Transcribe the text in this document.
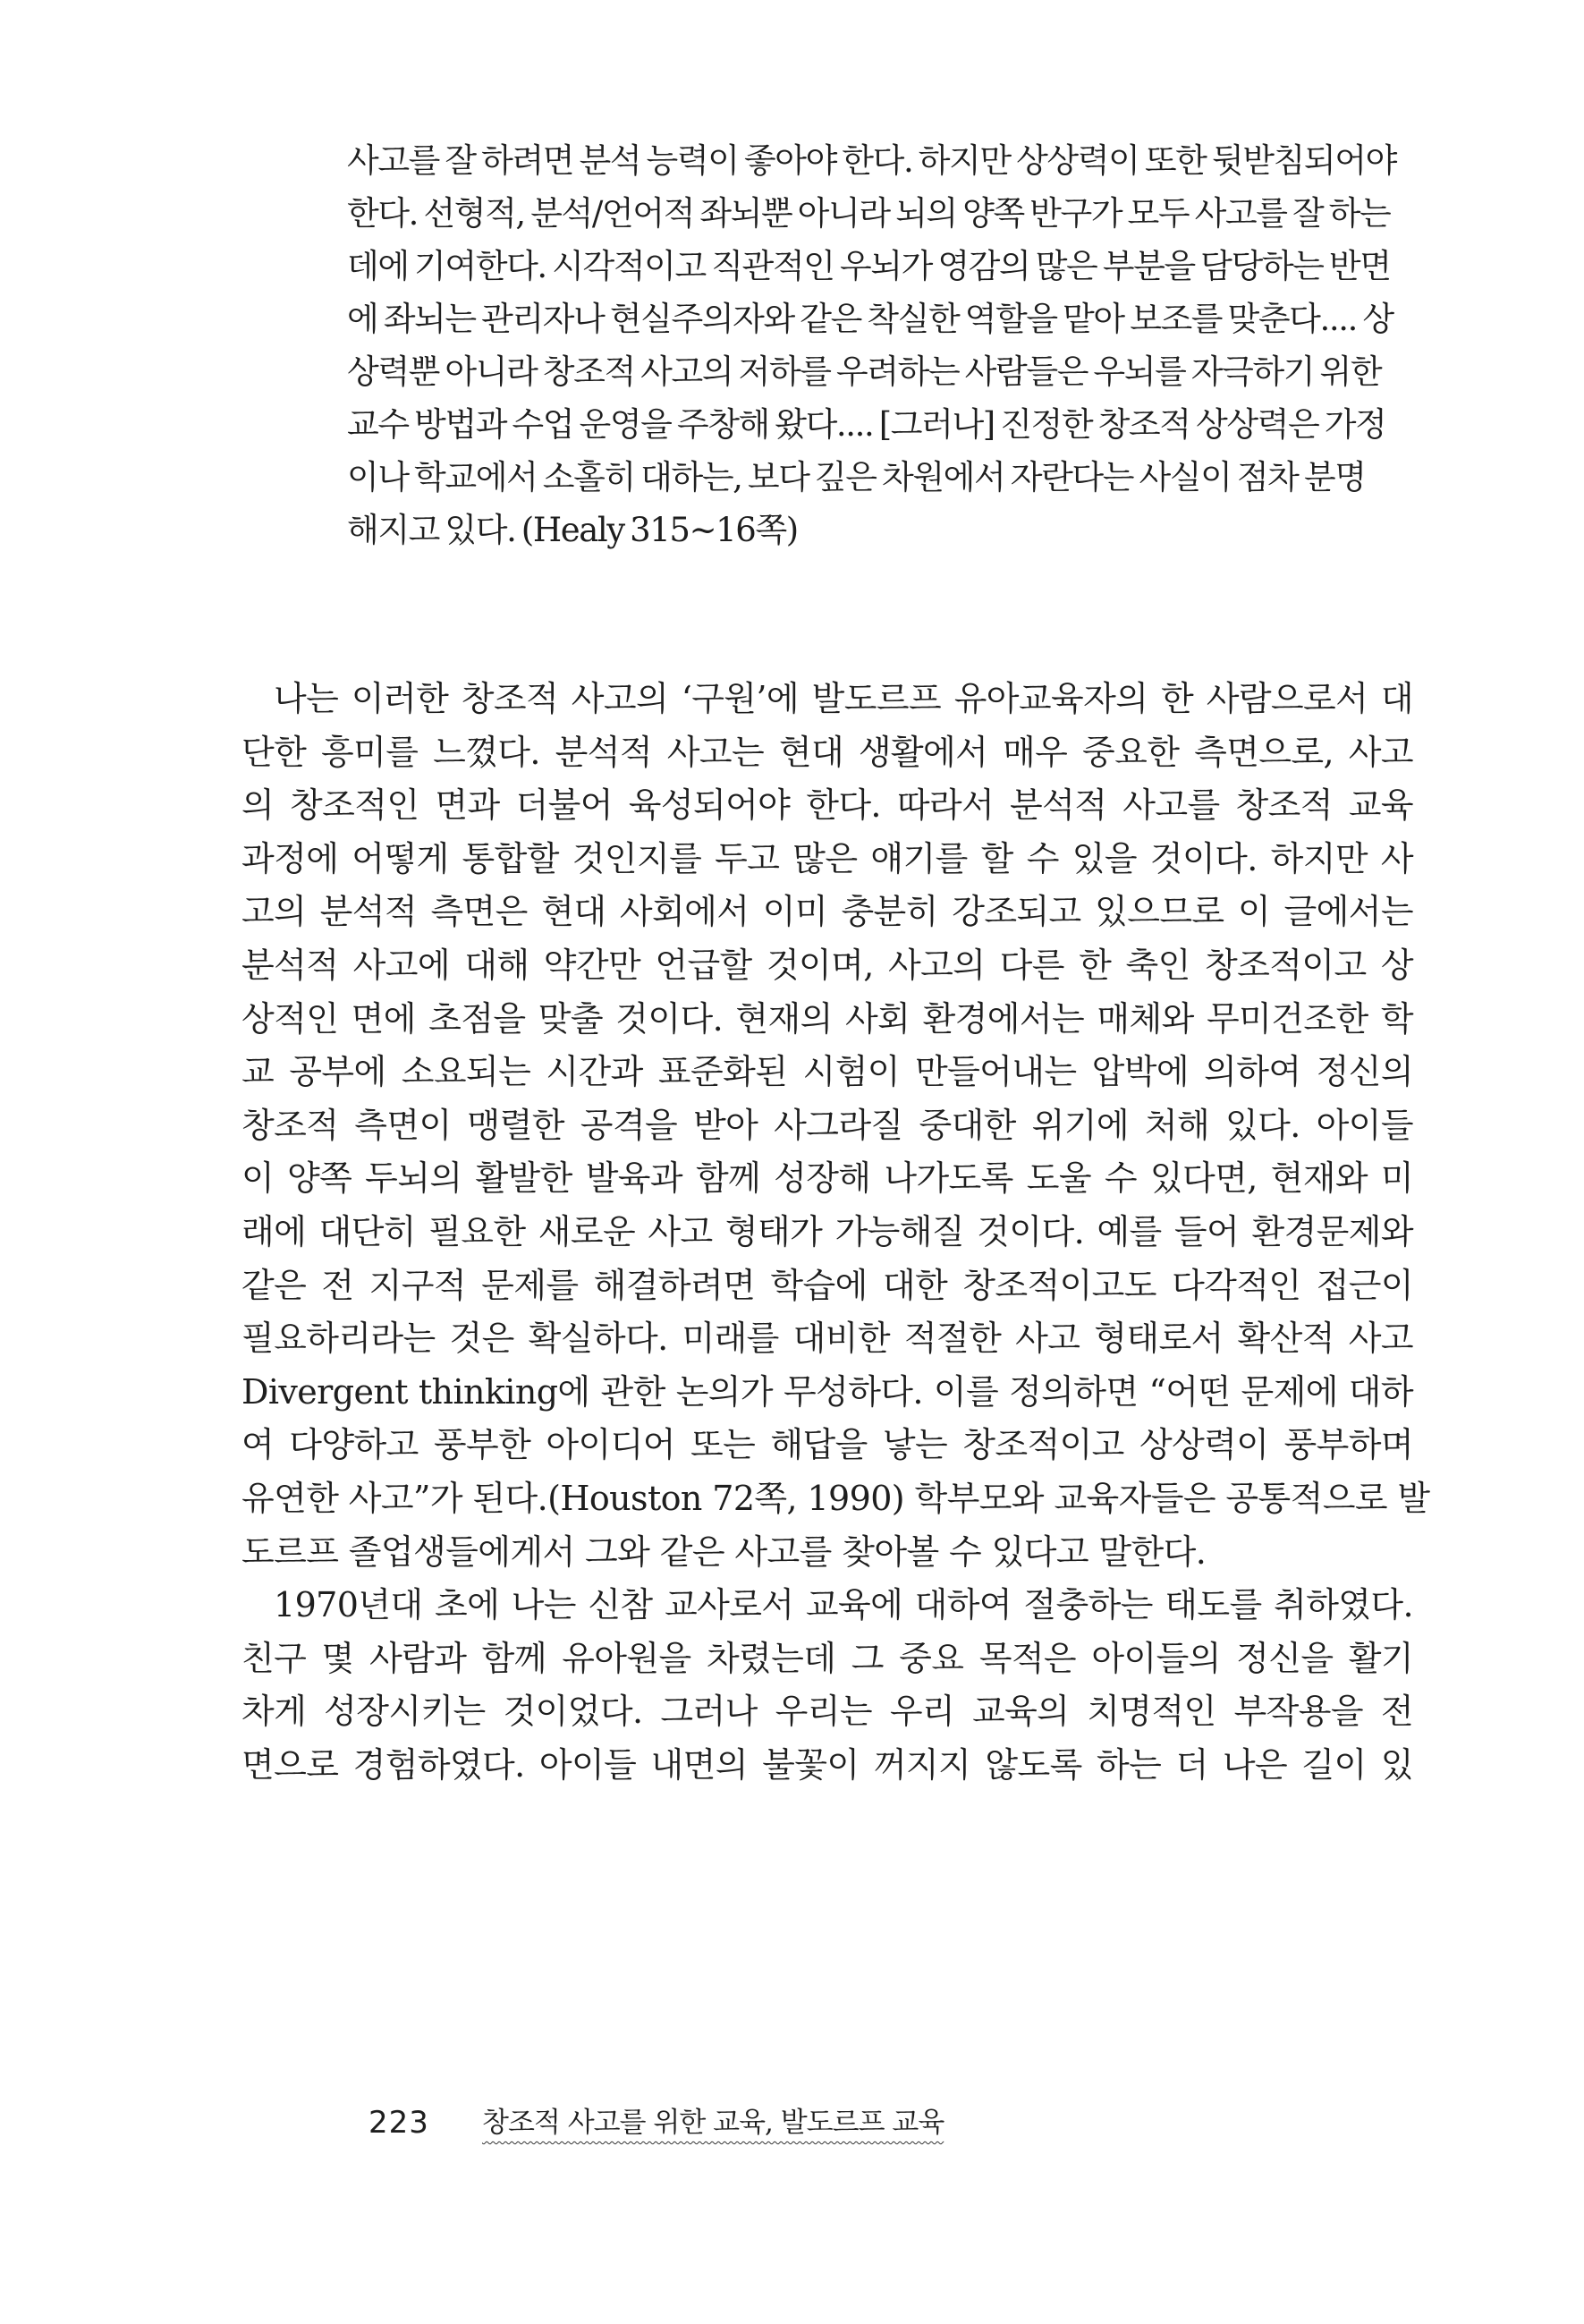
사고를 잘 하려면 분석 능력이 좋아야 한다. 하지만 상상력이 또한 뒷받침되어야
한다. 선형적, 분석/언어적 좌뇌뿐 아니라 뇌의 양쪽 반구가 모두 사고를 잘 하는
데에 기여한다. 시각적이고 직관적인 우뇌가 영감의 많은 부분을 담당하는 반면
에 좌뇌는 관리자나 현실주의자와 같은 착실한 역할을 맡아 보조를 맞춘다.... 상
상력뿐 아니라 창조적 사고의 저하를 우려하는 사람들은 우뇌를 자극하기 위한
교수 방법과 수업 운영을 주창해 왔다.... [그러나] 진정한 창조적 상상력은 가정
이나 학교에서 소홀히 대하는, 보다 깊은 차원에서 자란다는 사실이 점차 분명
해지고 있다. (Healy 315~16쪽)
나는 이러한 창조적 사고의 ‘구원’에 발도르프 유아교육자의 한 사람으로서 대
단한 흥미를 느꼈다. 분석적 사고는 현대 생활에서 매우 중요한 측면으로, 사고
의 창조적인 면과 더불어 육성되어야 한다. 따라서 분석적 사고를 창조적 교육
과정에 어떻게 통합할 것인지를 두고 많은 얘기를 할 수 있을 것이다. 하지만 사
고의 분석적 측면은 현대 사회에서 이미 충분히 강조되고 있으므로 이 글에서는
분석적 사고에 대해 약간만 언급할 것이며, 사고의 다른 한 축인 창조적이고 상
상적인 면에 초점을 맞출 것이다. 현재의 사회 환경에서는 매체와 무미건조한 학
교 공부에 소요되는 시간과 표준화된 시험이 만들어내는 압박에 의하여 정신의
창조적 측면이 맹렬한 공격을 받아 사그라질 중대한 위기에 처해 있다. 아이들
이 양쪽 두뇌의 활발한 발육과 함께 성장해 나가도록 도울 수 있다면, 현재와 미
래에 대단히 필요한 새로운 사고 형태가 가능해질 것이다. 예를 들어 환경문제와
같은 전 지구적 문제를 해결하려면 학습에 대한 창조적이고도 다각적인 접근이
필요하리라는 것은 확실하다. 미래를 대비한 적절한 사고 형태로서 확산적 사고
Divergent thinking에 관한 논의가 무성하다. 이를 정의하면 “어떤 문제에 대하
여 다양하고 풍부한 아이디어 또는 해답을 낳는 창조적이고 상상력이 풍부하며
유연한 사고”가 된다.(Houston 72쪽, 1990) 학부모와 교육자들은 공통적으로 발
도르프 졸업생들에게서 그와 같은 사고를 찾아볼 수 있다고 말한다.
1970년대 초에 나는 신참 교사로서 교육에 대하여 절충하는 태도를 취하였다.
친구 몇 사람과 함께 유아원을 차렸는데 그 중요 목적은 아이들의 정신을 활기
차게 성장시키는 것이었다. 그러나 우리는 우리 교육의 치명적인 부작용을 전
면으로 경험하였다. 아이들 내면의 불꽃이 꺼지지 않도록 하는 더 나은 길이 있
223 창조적 사고를 위한 교육, 발도르프 교육
